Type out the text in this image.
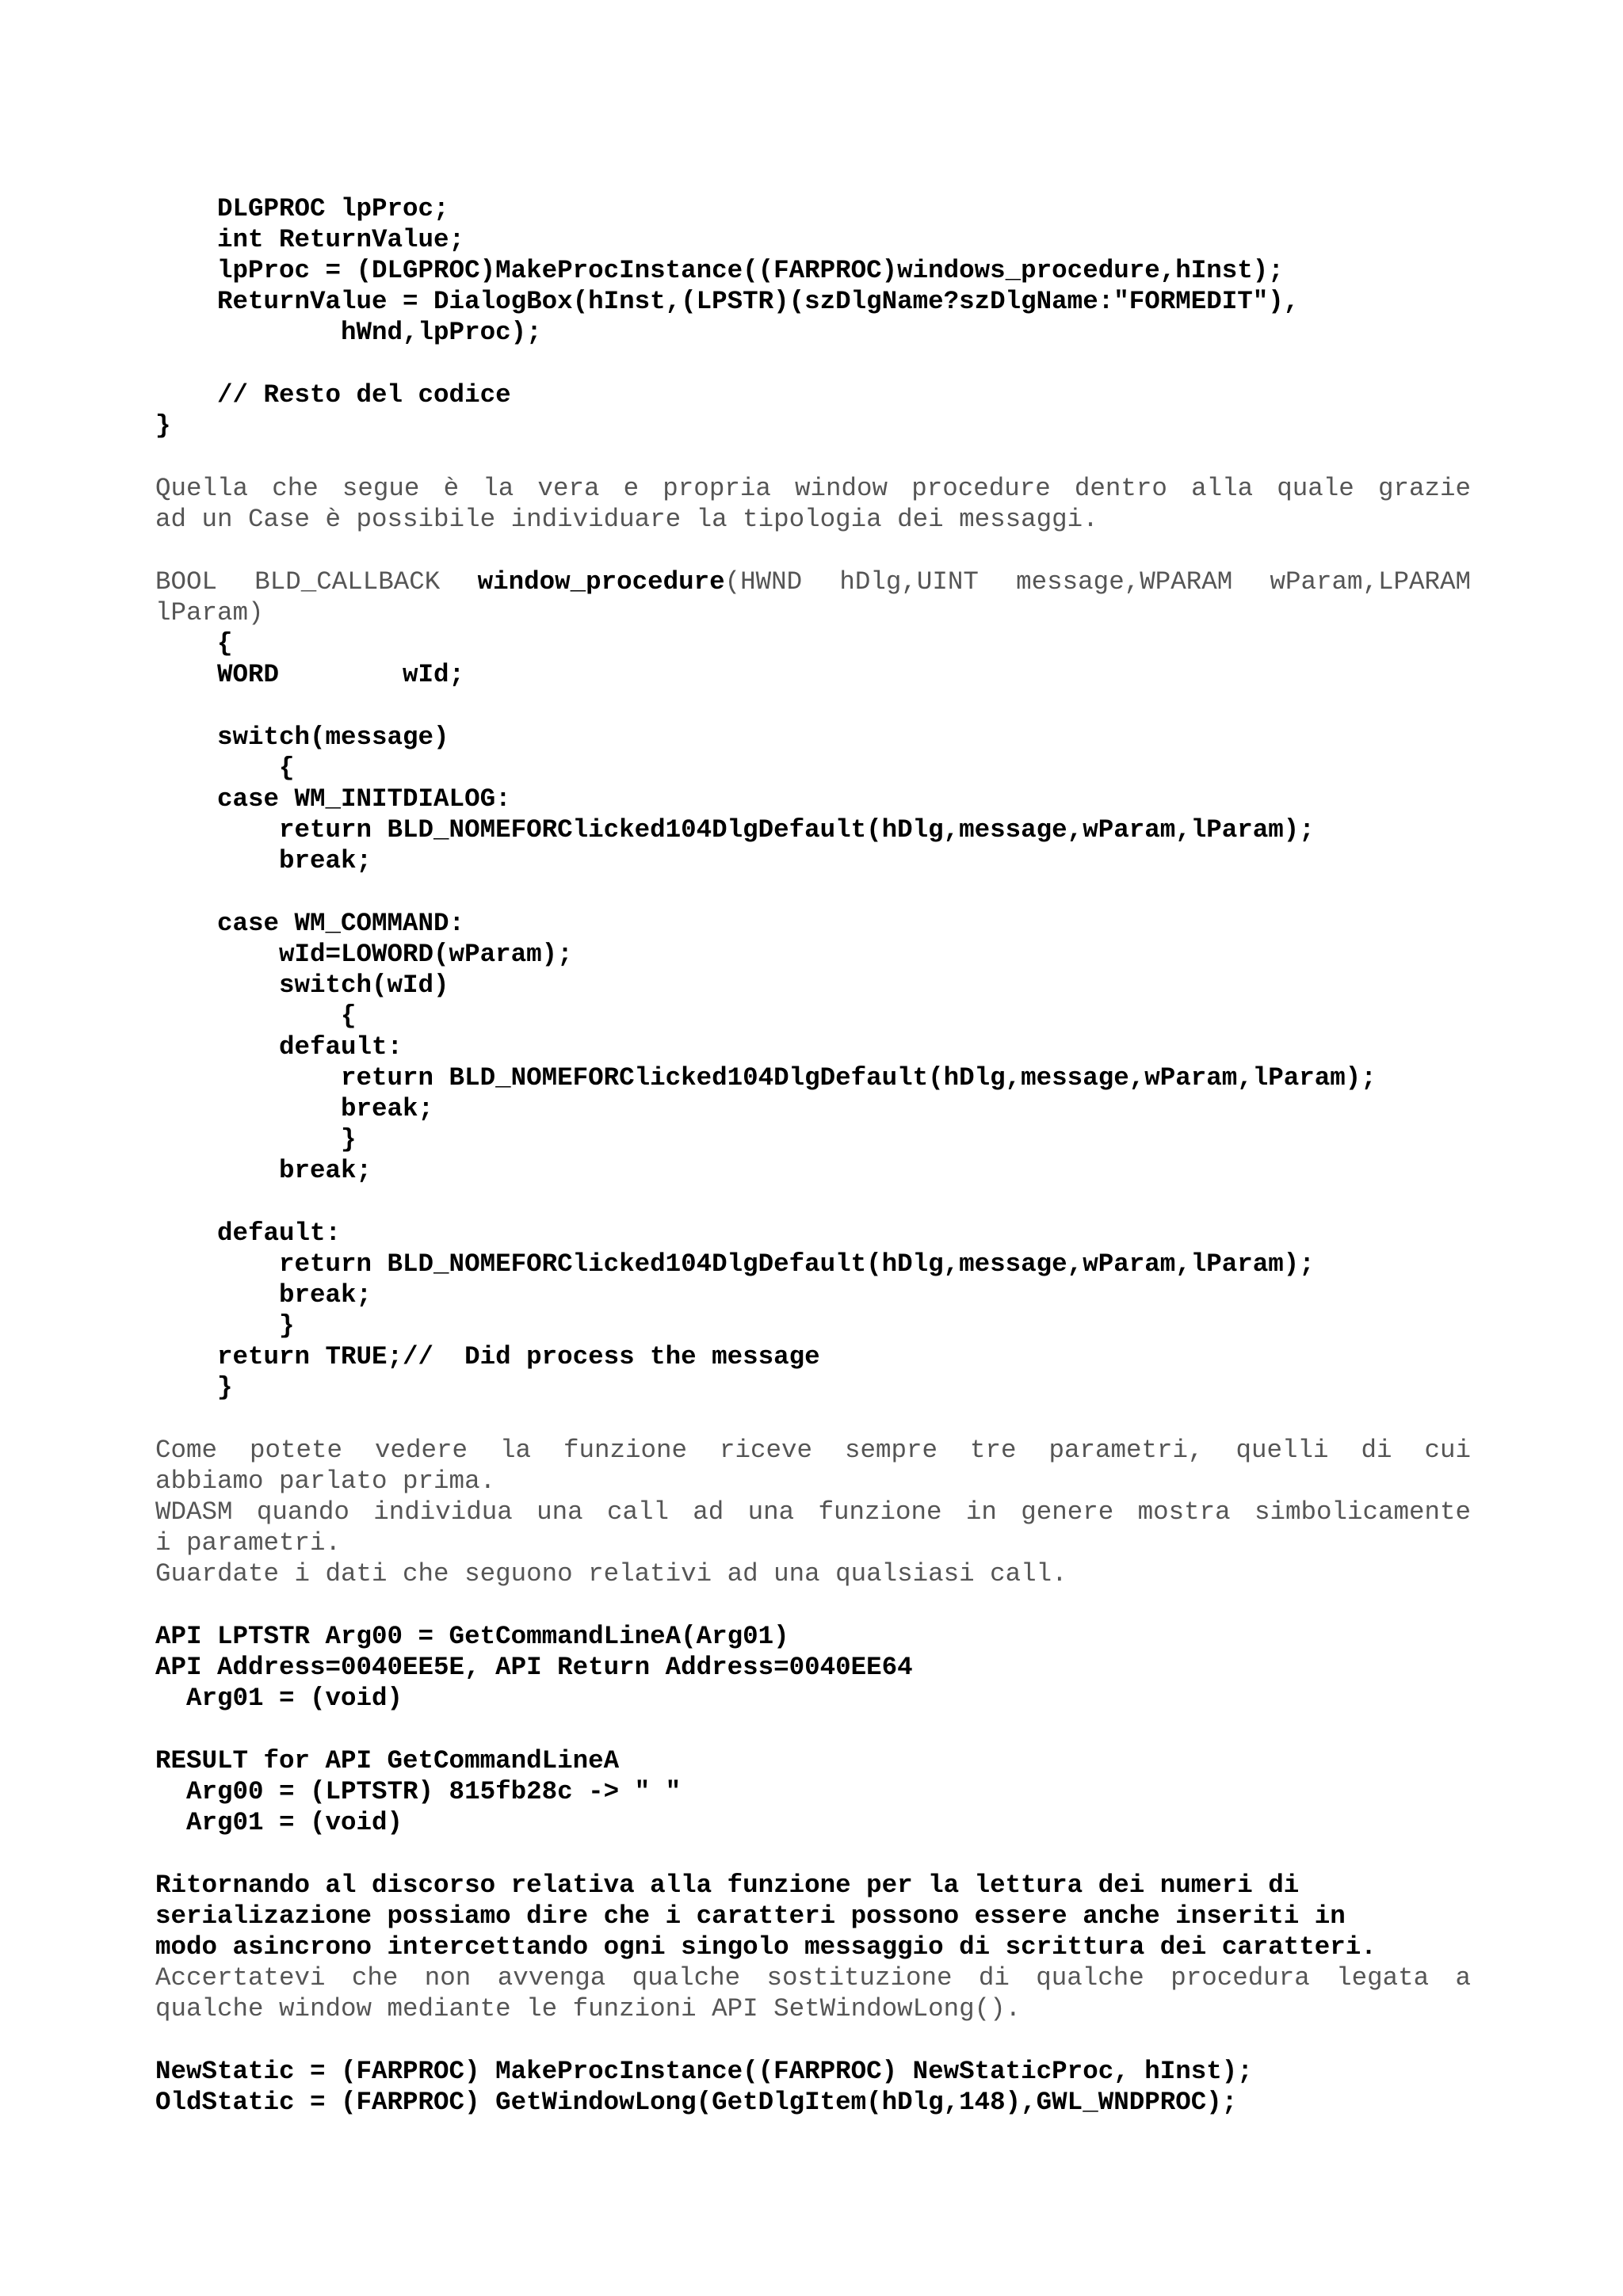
DLGPROC lpProc;
int ReturnValue;
lpProc = (DLGPROC)MakeProcInstance((FARPROC)windows_procedure,hInst);
ReturnValue = DialogBox(hInst,(LPSTR)(szDlgName?szDlgName:"FORMEDIT"),
hWnd,lpProc);
// Resto del codice
}
Quella che segue è la vera e propria window procedure dentro alla quale grazie
ad un Case è possibile individuare la tipologia dei messaggi.
BOOL BLD_CALLBACK window_procedure(HWND hDlg,UINT message,WPARAM wParam,LPARAM
lParam)
{
WORD        wId;
switch(message)
{
case WM_INITDIALOG:
return BLD_NOMEFORClicked104DlgDefault(hDlg,message,wParam,lParam);
break;
case WM_COMMAND:
wId=LOWORD(wParam);
switch(wId)
{
default:
return BLD_NOMEFORClicked104DlgDefault(hDlg,message,wParam,lParam);
break;
}
break;
default:
return BLD_NOMEFORClicked104DlgDefault(hDlg,message,wParam,lParam);
break;
}
return TRUE;//  Did process the message
}
Come potete vedere la funzione riceve sempre tre parametri, quelli di cui
abbiamo parlato prima.
WDASM quando individua una call ad una funzione in genere mostra simbolicamente
i parametri.
Guardate i dati che seguono relativi ad una qualsiasi call.
API LPTSTR Arg00 = GetCommandLineA(Arg01)
API Address=0040EE5E, API Return Address=0040EE64
Arg01 = (void)
RESULT for API GetCommandLineA
Arg00 = (LPTSTR) 815fb28c -> " "
Arg01 = (void)
Ritornando al discorso relativa alla funzione per la lettura dei numeri di
serializazione possiamo dire che i caratteri possono essere anche inseriti in
modo asincrono intercettando ogni singolo messaggio di scrittura dei caratteri.
Accertatevi che non avvenga qualche sostituzione di qualche procedura legata a
qualche window mediante le funzioni API SetWindowLong().
NewStatic = (FARPROC) MakeProcInstance((FARPROC) NewStaticProc, hInst);
OldStatic = (FARPROC) GetWindowLong(GetDlgItem(hDlg,148),GWL_WNDPROC);
